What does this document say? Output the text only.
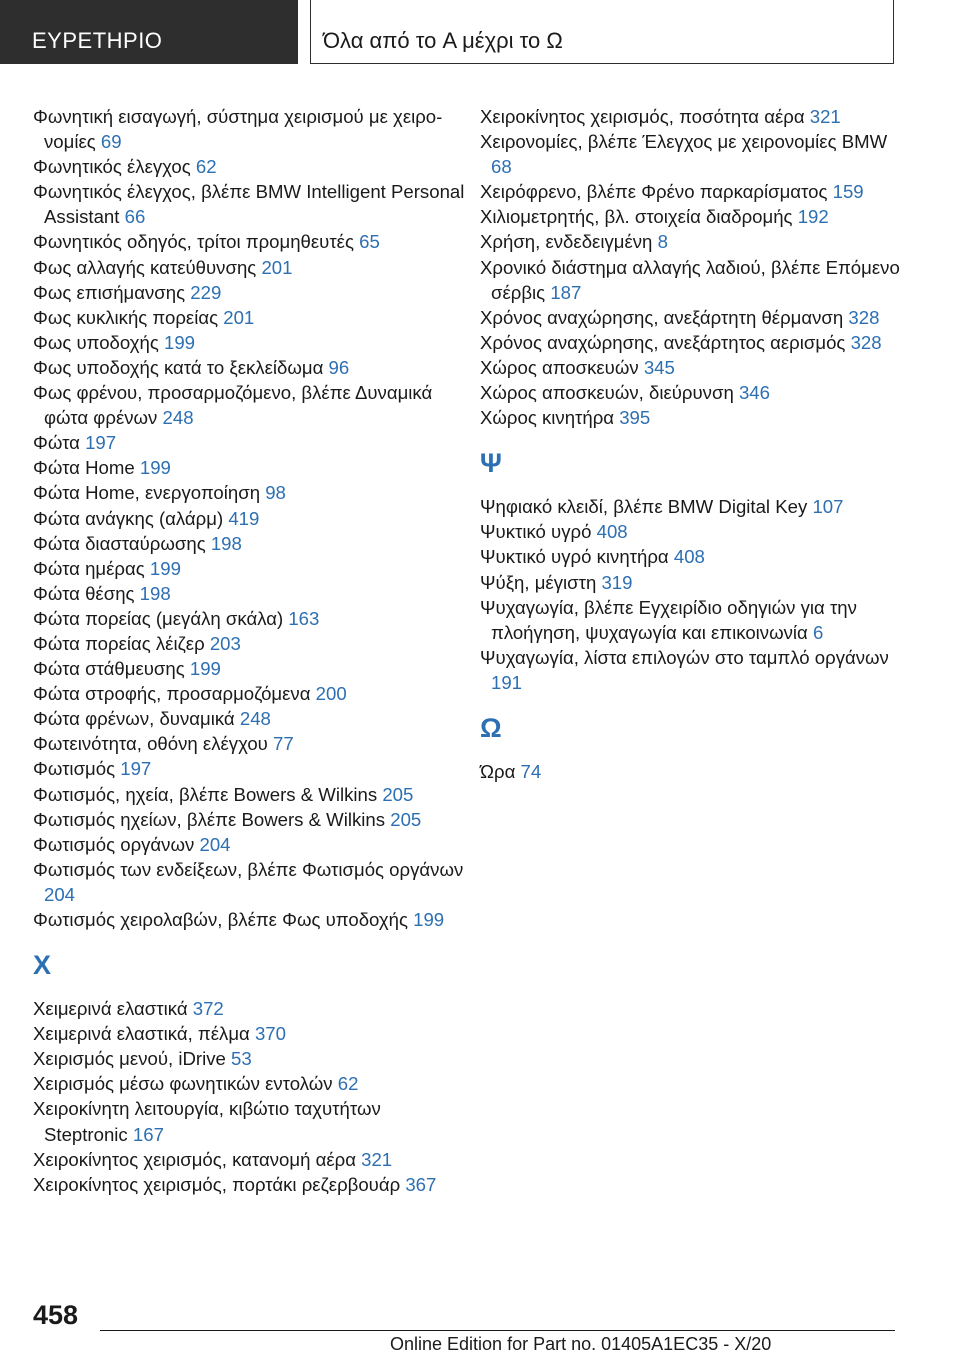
ΕΥΡΕΤΗΡΙΟ	Όλα από το A μέχρι το Ω
Φωνητική εισαγωγή, σύστημα χειρισμού με χειρονομίες 69
Φωνητικός έλεγχος 62
Φωνητικός έλεγχος, βλέπε BMW Intelligent Personal Assistant 66
Φωνητικός οδηγός, τρίτοι προμηθευτές 65
Φως αλλαγής κατεύθυνσης 201
Φως επισήμανσης 229
Φως κυκλικής πορείας 201
Φως υποδοχής 199
Φως υποδοχής κατά το ξεκλείδωμα 96
Φως φρένου, προσαρμοζόμενο, βλέπε Δυναμικά φώτα φρένων 248
Φώτα 197
Φώτα Home 199
Φώτα Home, ενεργοποίηση 98
Φώτα ανάγκης (αλάρμ) 419
Φώτα διασταύρωσης 198
Φώτα ημέρας 199
Φώτα θέσης 198
Φώτα πορείας (μεγάλη σκάλα) 163
Φώτα πορείας λέιζερ 203
Φώτα στάθμευσης 199
Φώτα στροφής, προσαρμοζόμενα 200
Φώτα φρένων, δυναμικά 248
Φωτεινότητα, οθόνη ελέγχου 77
Φωτισμός 197
Φωτισμός, ηχεία, βλέπε Bowers & Wilkins 205
Φωτισμός ηχείων, βλέπε Bowers & Wilkins 205
Φωτισμός οργάνων 204
Φωτισμός των ενδείξεων, βλέπε Φωτισμός οργάνων 204
Φωτισμός χειρολαβών, βλέπε Φως υποδοχής 199
Χ
Χειμερινά ελαστικά 372
Χειμερινά ελαστικά, πέλμα 370
Χειρισμός μενού, iDrive 53
Χειρισμός μέσω φωνητικών εντολών 62
Χειροκίνητη λειτουργία, κιβώτιο ταχυτήτων Steptronic 167
Χειροκίνητος χειρισμός, κατανομή αέρα 321
Χειροκίνητος χειρισμός, πορτάκι ρεζερβουάρ 367
Χειροκίνητος χειρισμός, ποσότητα αέρα 321
Χειρονομίες, βλέπε Έλεγχος με χειρονομίες BMW 68
Χειρόφρενο, βλέπε Φρένο παρκαρίσματος 159
Χιλιομετρητής, βλ. στοιχεία διαδρομής 192
Χρήση, ενδεδειγμένη 8
Χρονικό διάστημα αλλαγής λαδιού, βλέπε Επόμενο σέρβις 187
Χρόνος αναχώρησης, ανεξάρτητη θέρμανση 328
Χρόνος αναχώρησης, ανεξάρτητος αερισμός 328
Χώρος αποσκευών 345
Χώρος αποσκευών, διεύρυνση 346
Χώρος κινητήρα 395
Ψ
Ψηφιακό κλειδί, βλέπε BMW Digital Key 107
Ψυκτικό υγρό 408
Ψυκτικό υγρό κινητήρα 408
Ψύξη, μέγιστη 319
Ψυχαγωγία, βλέπε Εγχειρίδιο οδηγιών για την πλοήγηση, ψυχαγωγία και επικοινωνία 6
Ψυχαγωγία, λίστα επιλογών στο ταμπλό οργάνων 191
Ω
Ώρα 74
458
Online Edition for Part no. 01405A1EC35 - X/20
